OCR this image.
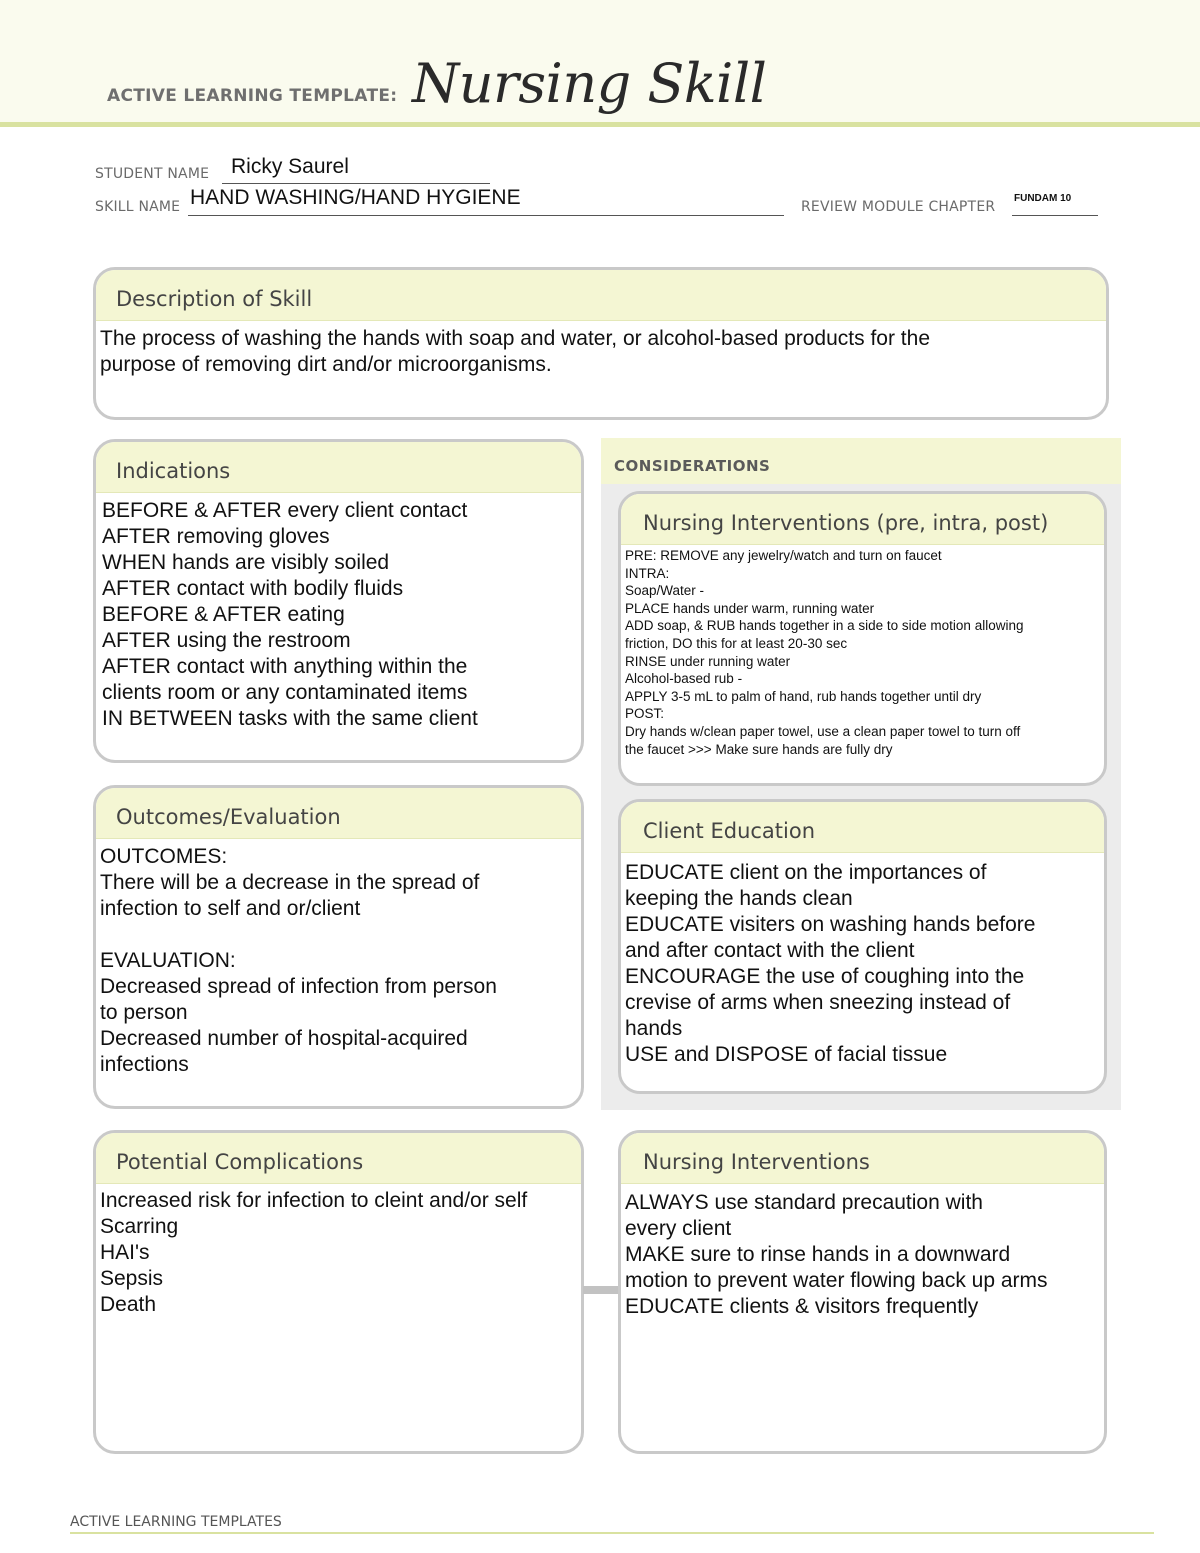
ACTIVE LEARNING TEMPLATE: Nursing Skill
STUDENT NAME Ricky Saurel
SKILL NAME HAND WASHING/HAND HYGIENE	REVIEW MODULE CHAPTER
FUNDAM 10
Description of Skill
The process of washing the hands with soap and water, or alcohol-based products for the
purpose of removing dirt and/or microorganisms.
Indications
BEFORE & AFTER every client contact
AFTER removing gloves
WHEN hands are visibly soiled
AFTER contact with bodily fluids
BEFORE & AFTER eating
AFTER using the restroom
AFTER contact with anything within the
clients room or any contaminated items
IN BETWEEN tasks with the same client
CONSIDERATIONS
Nursing Interventions (pre, intra, post)
PRE: REMOVE any jewelry/watch and turn on faucet
INTRA:
Soap/Water -
PLACE hands under warm, running water
ADD soap, & RUB hands together in a side to side motion allowing
friction, DO this for at least 20-30 sec
RINSE under running water
Alcohol-based rub -
APPLY 3-5 mL to palm of hand, rub hands together until dry
POST:
Dry hands w/clean paper towel, use a clean paper towel to turn off
the faucet >>> Make sure hands are fully dry
Outcomes/Evaluation
OUTCOMES:
There will be a decrease in the spread of
infection to self and or/client
EVALUATION:
Decreased spread of infection from person
to person
Decreased number of hospital-acquired
infections
Client Education
EDUCATE client on the importances of
keeping the hands clean
EDUCATE visiters on washing hands before
and after contact with the client
ENCOURAGE the use of coughing into the
crevise of arms when sneezing instead of
hands
USE and DISPOSE of facial tissue
Potential Complications
Increased risk for infection to cleint and/or self
Scarring
HAI's
Sepsis
Death
Nursing Interventions
ALWAYS use standard precaution with
every client
MAKE sure to rinse hands in a downward
motion to prevent water flowing back up arms
EDUCATE clients & visitors frequently
ACTIVE LEARNING TEMPLATES
